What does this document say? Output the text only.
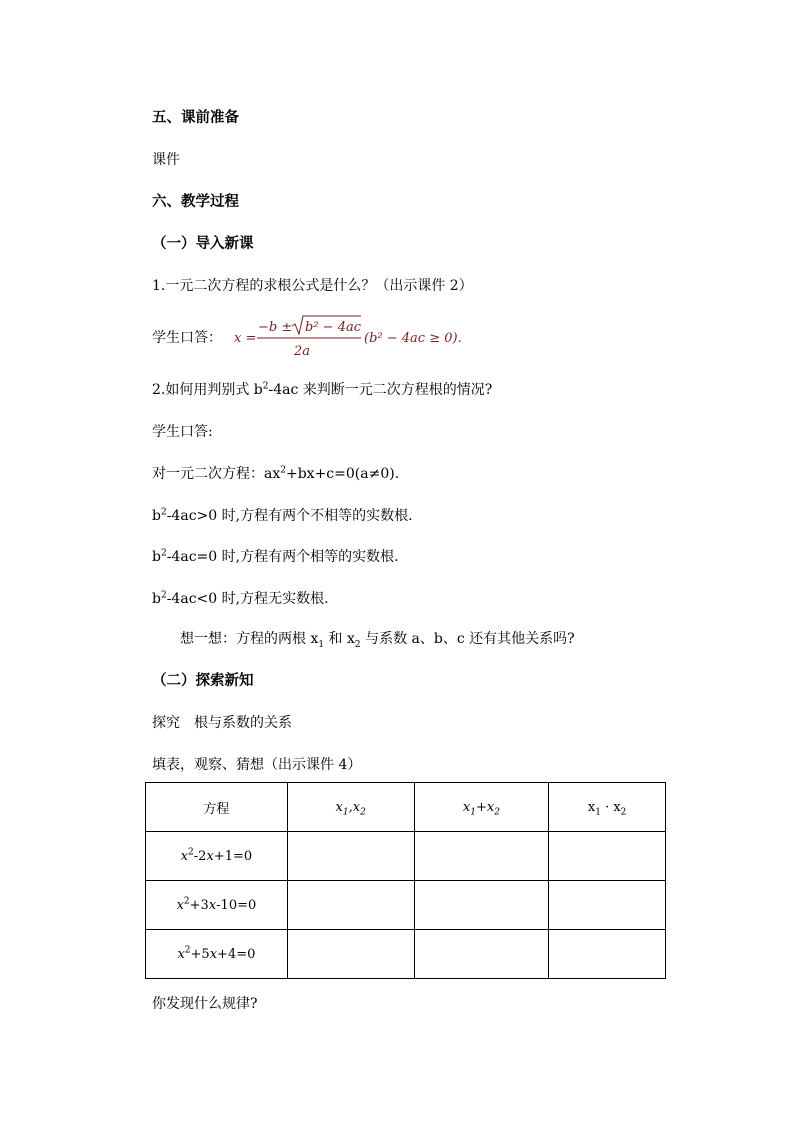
五、课前准备
课件
六、教学过程
（一）导入新课
1.一元二次方程的求根公式是什么？（出示课件 2）
学生口答： x =
−b ± b² − 4ac
2a
(b² − 4ac ≥ 0).
2.如何用判别式 $b^2-4ac$ 来判断一元二次方程根的情况?
学生口答:
对一元二次方程：$ax^2+bx+c=0(a\ne 0)$.
$b^2-4ac>0$ 时,方程有两个不相等的实数根.
$b^2-4ac=0$ 时,方程有两个相等的实数根.
$b^2-4ac<0$ 时,方程无实数根.
想一想：方程的两根 $x_1$ 和 $x_2$ 与系数 a、b、c 还有其他关系吗?
（二）探索新知
探究　根与系数的关系
填表，观察、猜想（出示课件 4）
方程	$x_1,x_2$	$x_1+x_2$	$x_1 \cdot x_2$
$x^2-2x+1=0$			
$x^2+3x-10=0$			
$x^2+5x+4=0$			
你发现什么规律?
